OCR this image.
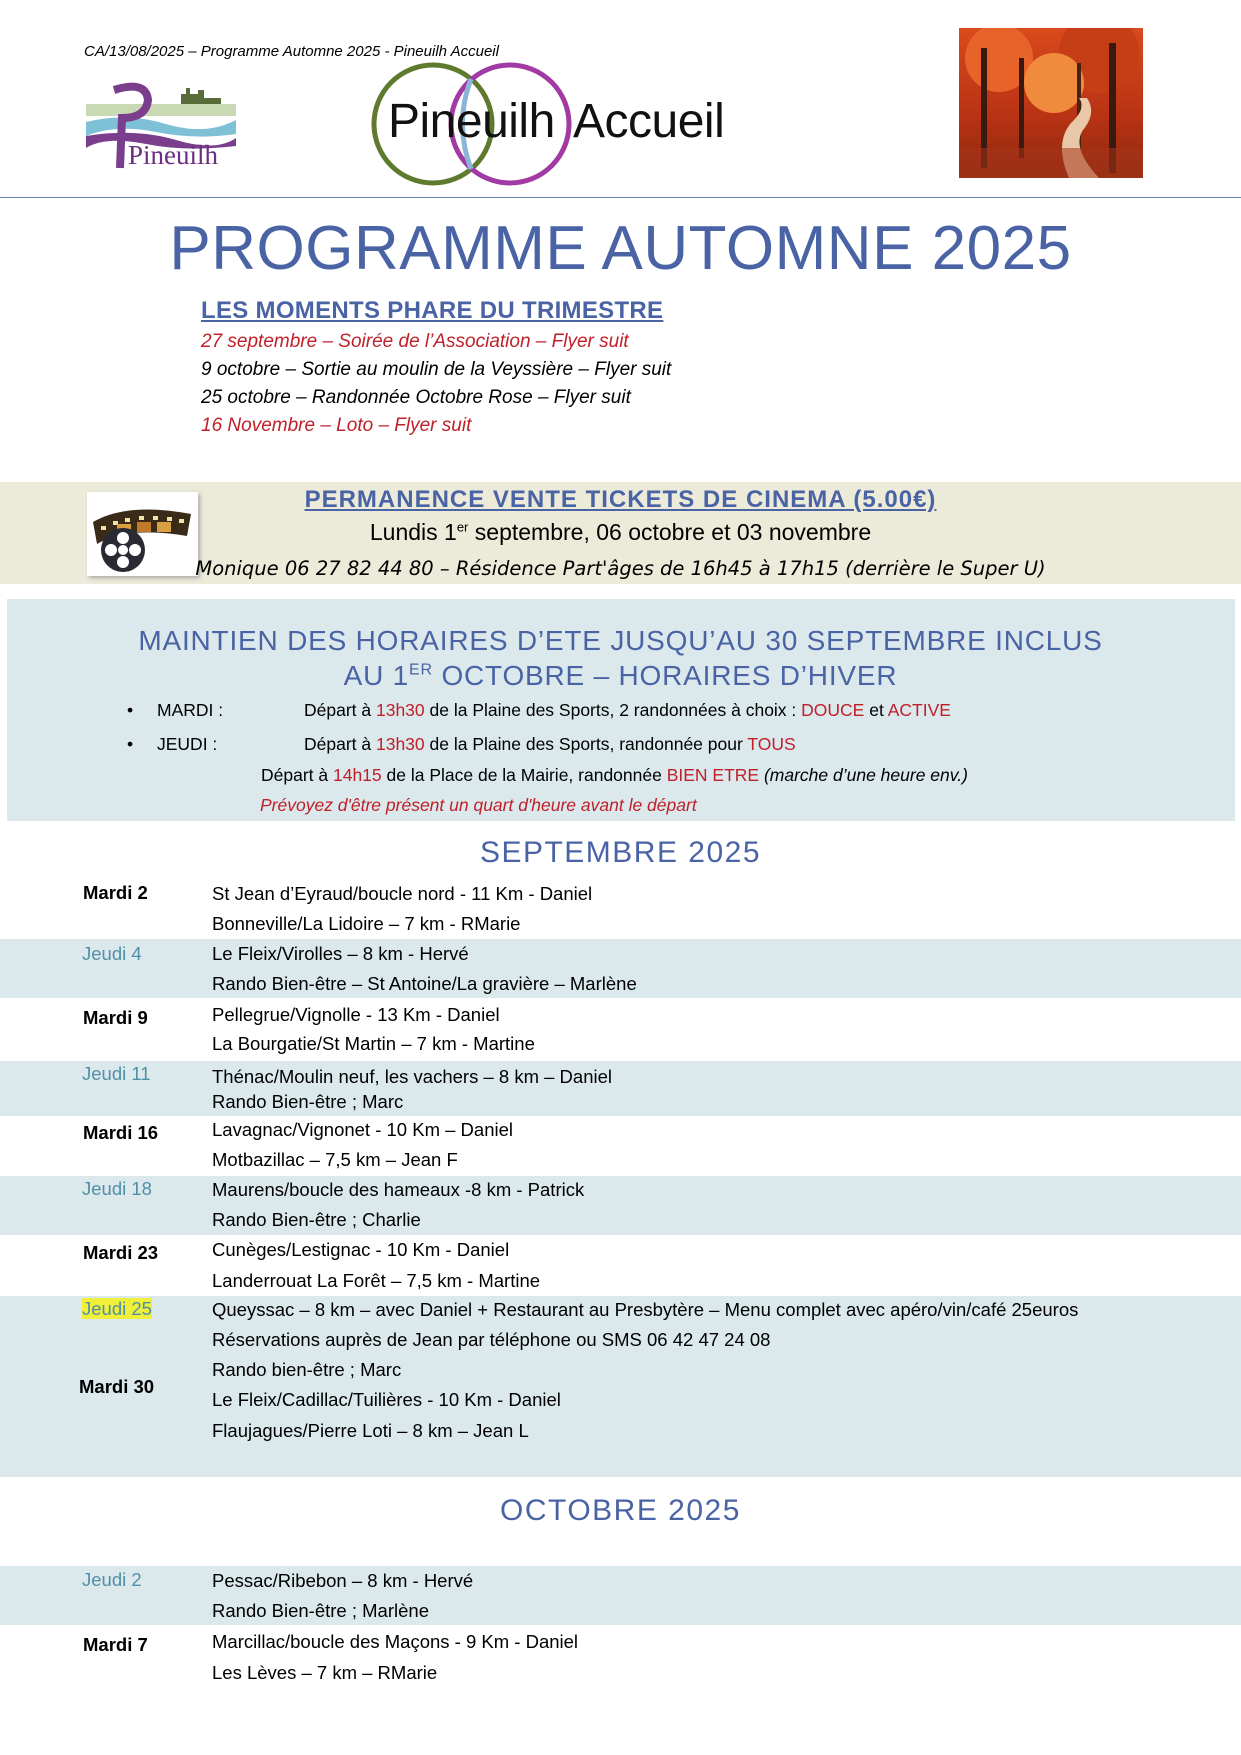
CA/13/08/2025 – Programme Automne 2025 - Pineuilh Accueil
Pineuilh
Pineuilh Accueil
PROGRAMME AUTOMNE 2025
LES MOMENTS PHARE DU TRIMESTRE
27 septembre – Soirée de l’Association – Flyer suit
9 octobre – Sortie au moulin de la Veyssière – Flyer suit
25 octobre – Randonnée Octobre Rose – Flyer suit
16 Novembre – Loto – Flyer suit
PERMANENCE VENTE TICKETS DE CINEMA (5.00€)
Lundis 1er septembre, 06 octobre et 03 novembre
Monique 06 27 82 44 80 – Résidence Part'âges de 16h45 à 17h15 (derrière le Super U)
MAINTIEN DES HORAIRES D’ETE JUSQU’AU 30 SEPTEMBRE INCLUS
AU 1ER OCTOBRE – HORAIRES D’HIVER
• MARDI :	Départ à 13h30 de la Plaine des Sports, 2 randonnées à choix : DOUCE et ACTIVE
• JEUDI :	Départ à 13h30 de la Plaine des Sports, randonnée pour TOUS
Départ à 14h15 de la Place de la Mairie, randonnée BIEN ETRE (marche d’une heure env.)
Prévoyez d'être présent un quart d'heure avant le départ
SEPTEMBRE 2025
Mardi 2	St Jean d’Eyraud/boucle nord - 11 Km - Daniel
Bonneville/La Lidoire – 7 km - RMarie
Jeudi 4	Le Fleix/Virolles – 8 km - Hervé
Rando Bien-être – St Antoine/La gravière – Marlène
Mardi 9	Pellegrue/Vignolle - 13 Km - Daniel
La Bourgatie/St Martin – 7 km - Martine
Jeudi 11	Thénac/Moulin neuf, les vachers – 8 km – Daniel
Rando Bien-être ; Marc
Mardi 16	Lavagnac/Vignonet - 10 Km – Daniel
Motbazillac – 7,5 km – Jean F
Jeudi 18	Maurens/boucle des hameaux -8 km - Patrick
Rando Bien-être ; Charlie
Mardi 23	Cunèges/Lestignac - 10 Km - Daniel
Landerrouat La Forêt – 7,5 km - Martine
Jeudi 25	Queyssac – 8 km – avec Daniel + Restaurant au Presbytère – Menu complet avec apéro/vin/café 25euros
Réservations auprès de Jean par téléphone ou SMS 06 42 47 24 08
Rando bien-être ; Marc
Mardi 30
Le Fleix/Cadillac/Tuilières - 10 Km - Daniel
Flaujagues/Pierre Loti – 8 km – Jean L
OCTOBRE 2025
Jeudi 2	Pessac/Ribebon – 8 km - Hervé
Rando Bien-être ; Marlène
Mardi 7	Marcillac/boucle des Maçons - 9 Km - Daniel
Les Lèves – 7 km – RMarie
